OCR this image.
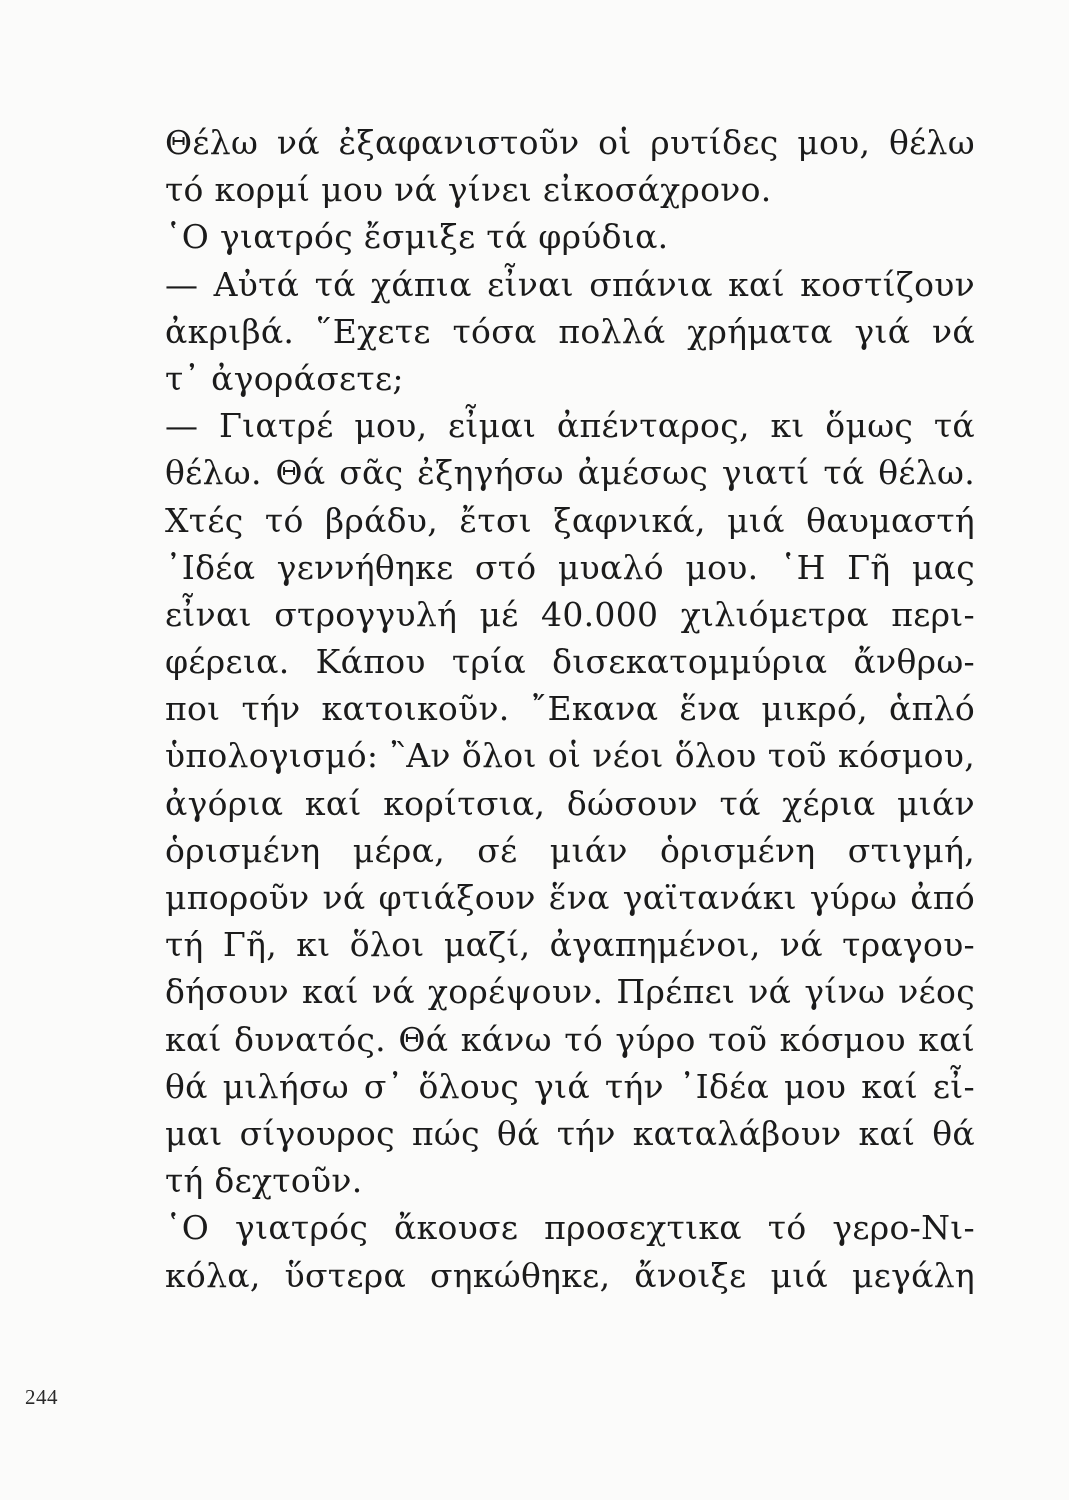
Θέλω νά ἐξαφανιστοῦν οἱ ρυτίδες μου, θέλω
τό κορμί μου νά γίνει εἰκοσάχρονο.
῾Ο γιατρός ἔσμιξε τά φρύδια.
— Αὐτά τά χάπια εἶναι σπάνια καί κοστίζουν
ἀκριβά. ῞Εχετε τόσα πολλά χρήματα γιά νά
τ᾽ ἀγοράσετε;
— Γιατρέ μου, εἶμαι ἀπένταρος, κι ὅμως τά
θέλω. Θά σᾶς ἐξηγήσω ἀμέσως γιατί τά θέλω.
Χτές τό βράδυ, ἔτσι ξαφνικά, μιά θαυμαστή
᾽Ιδέα γεννήθηκε στό μυαλό μου. ῾Η Γῆ μας
εἶναι στρογγυλή μέ 40.000 χιλιόμετρα περι-
φέρεια. Κάπου τρία δισεκατομμύρια ἄνθρω-
ποι τήν κατοικοῦν. ῎Εκανα ἕνα μικρό, ἁπλό
ὑπολογισμό: ῍Αν ὅλοι οἱ νέοι ὅλου τοῦ κόσμου,
ἀγόρια καί κορίτσια, δώσουν τά χέρια μιάν
ὁρισμένη μέρα, σέ μιάν ὁρισμένη στιγμή,
μποροῦν νά φτιάξουν ἕνα γαϊτανάκι γύρω ἀπό
τή Γῆ, κι ὅλοι μαζί, ἀγαπημένοι, νά τραγου-
δήσουν καί νά χορέψουν. Πρέπει νά γίνω νέος
καί δυνατός. Θά κάνω τό γύρο τοῦ κόσμου καί
θά μιλήσω σ᾽ ὅλους γιά τήν ᾽Ιδέα μου καί εἶ-
μαι σίγουρος πώς θά τήν καταλάβουν καί θά
τή δεχτοῦν.
῾Ο γιατρός ἄκουσε προσεχτικα τό γερο-Νι-
κόλα, ὕστερα σηκώθηκε, ἄνοιξε μιά μεγάλη
244
